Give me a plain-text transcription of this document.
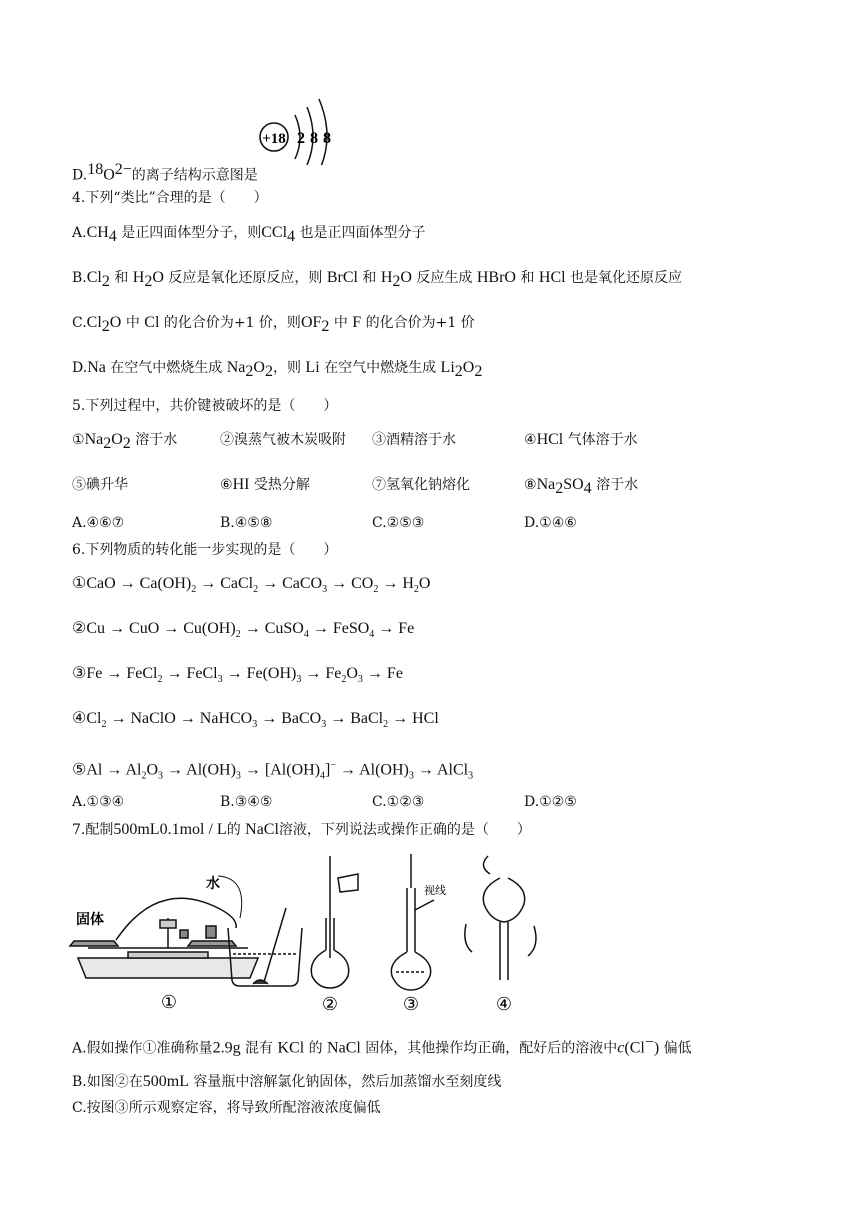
+18 2 8 8
$D.^{18}O^{2-}$的离子结构示意图是
4.下列“类比”合理的是（　　）
$A.CH_4$ 是正四面体型分子，则CCl$_4$ 也是正四面体型分子
$B.Cl_2$ 和 $H_2O$ 反应是氧化还原反应，则 BrCl 和 $H_2O$ 反应生成 HBrO 和 HCl 也是氧化还原反应
$C.Cl_2O$ 中 Cl 的化合价为+1 价，则$OF_2$ 中 F 的化合价为+1 价
D.Na 在空气中燃烧生成 $Na_2O_2$，则 Li 在空气中燃烧生成 $Li_2O_2$
5.下列过程中，共价键被破坏的是（　　）
$①Na_2O_2$ 溶于水	②溴蒸气被木炭吸附 ③酒精溶于水	④HCl 气体溶于水
⑤碘升华	⑥HI 受热分解	⑦氢氧化钠熔化	$⑧Na_2SO_4$ 溶于水
A.④⑥⑦	B.④⑤⑧	C.②⑤③	D.①④⑥
6.下列物质的转化能一步实现的是（　　）
①CaO → $Ca(OH)_2$ → CaCl$_2$ → CaCO$_3$ → $CO_2 \to H_2O$
②Cu → CuO → $Cu(OH)_2$ → CuSO$_4$ → FeSO$_4$ → Fe
③Fe → FeCl$_2$ → FeCl$_3$ → $Fe(OH)_3 \to Fe_2O_3 \to Fe$
$④Cl_2$ → NaClO → NaHCO$_3$ → BaCO$_3$ → BaCl$_2$ → HCl
⑤Al → $Al_2O_3 \to Al(OH)_3 \to [Al(OH)_4]^- \to Al(OH)_3$ → AlCl$_3$
A.①③④	B.③④⑤	C.①②③	D.①②⑤
7.配制500mL0.1mol / L的 NaCl溶液，下列说法或操作正确的是（　　）
固体
水
①	②
视线
③	④
A.假如操作①准确称量2.9g 混有 KCl 的 NaCl 固体，其他操作均正确，配好后的溶液中c(Cl−) 偏低
B.如图②在500mL 容量瓶中溶解氯化钠固体，然后加蒸馏水至刻度线
C.按图③所示观察定容，将导致所配溶液浓度偏低
